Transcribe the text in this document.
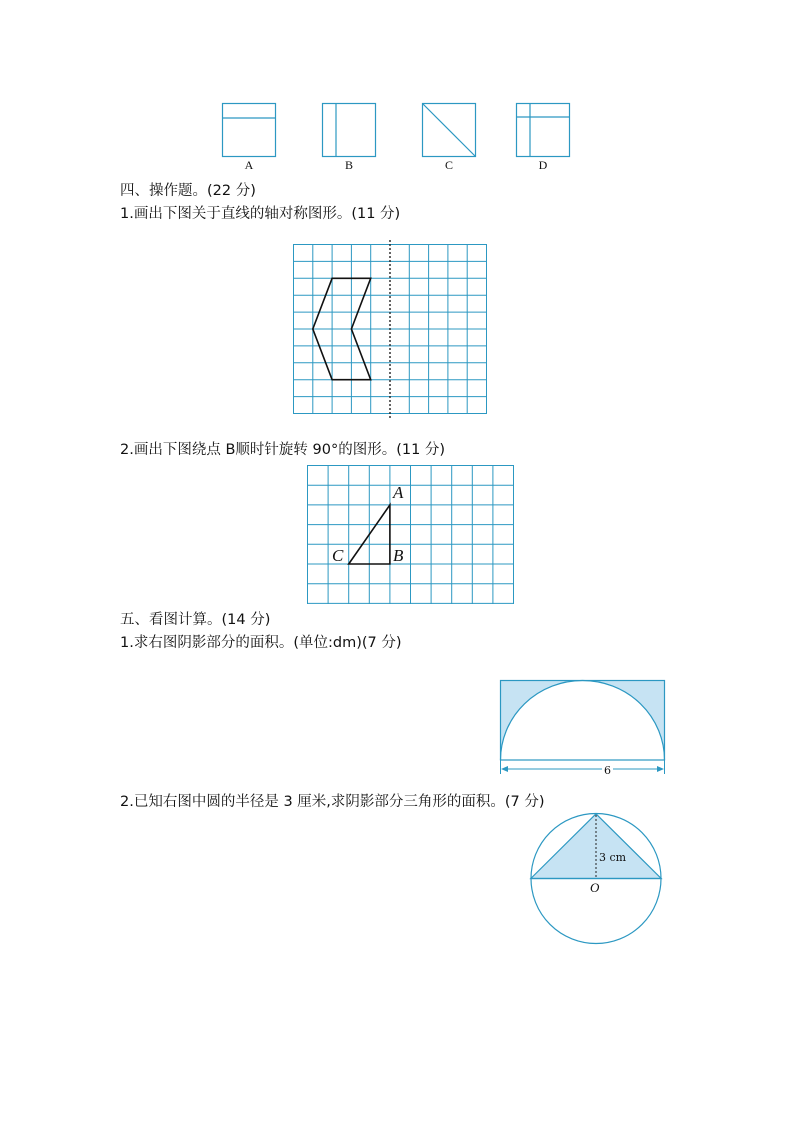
A	B	C	D
四、操作题。(22 分)
1.画出下图关于直线的轴对称图形。(11 分)
2.画出下图绕点 B顺时针旋转 90°的图形。(11 分)
A
B
C
五、看图计算。(14 分)
1.求右图阴影部分的面积。(单位:dm)(7 分)
6
2.已知右图中圆的半径是 3 厘米,求阴影部分三角形的面积。(7 分)
3 cm
O
